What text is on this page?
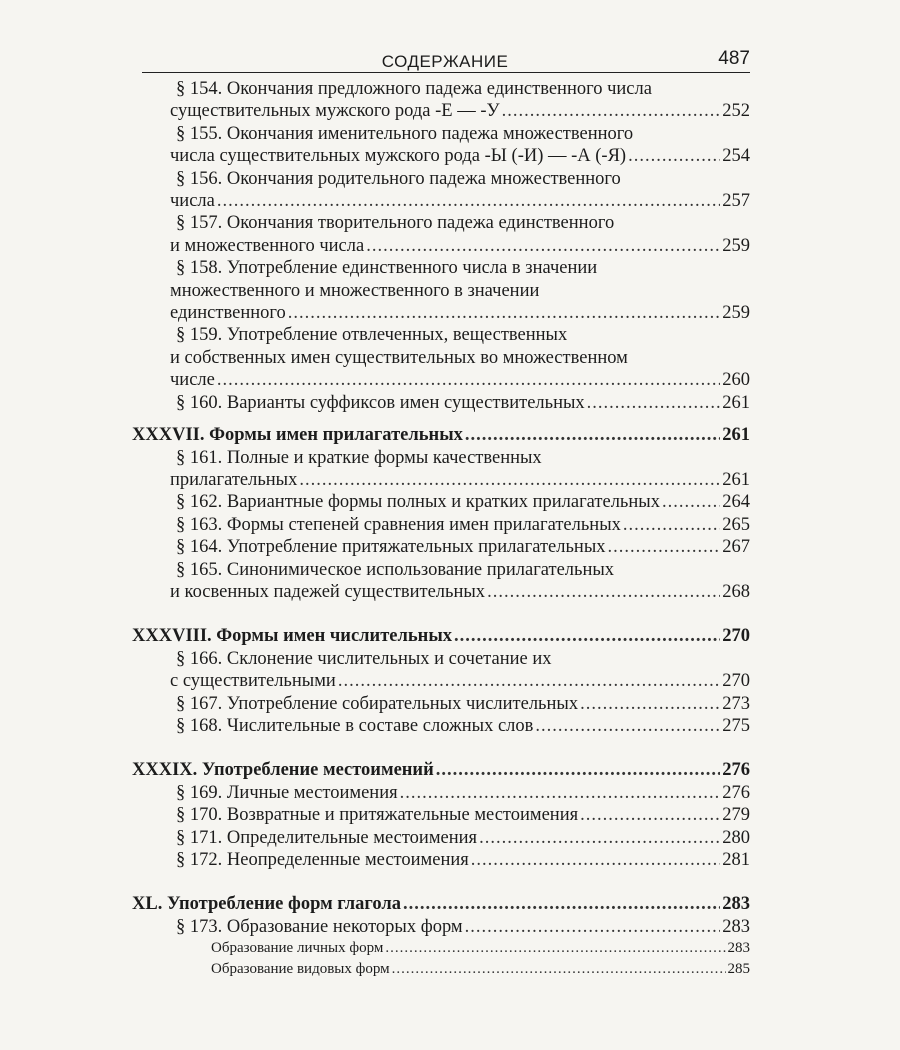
СОДЕРЖАНИЕ	487
§ 154. Окончания предложного падежа единственного числа
существительных мужского рода -Е — -У .....	252
§ 155. Окончания именительного падежа множественного
числа существительных мужского рода -Ы (-И) — -А (-Я) .....	254
§ 156. Окончания родительного падежа множественного
числа .....	257
§ 157. Окончания творительного падежа единственного
и множественного числа .....	259
§ 158. Употребление единственного числа в значении
множественного и множественного в значении
единственного .....	259
§ 159. Употребление отвлеченных, вещественных
и собственных имен существительных во множественном
числе .....	260
§ 160. Варианты суффиксов имен существительных .....	261
XXXVII. Формы имен прилагательных .....	261
§ 161. Полные и краткие формы качественных
прилагательных .....	261
§ 162. Вариантные формы полных и кратких прилагательных .....	264
§ 163. Формы степеней сравнения имен прилагательных .....	265
§ 164. Употребление притяжательных прилагательных .....	267
§ 165. Синонимическое использование прилагательных
и косвенных падежей существительных .....	268
XXXVIII. Формы имен числительных .....	270
§ 166. Склонение числительных и сочетание их
с существительными .....	270
§ 167. Употребление собирательных числительных .....	273
§ 168. Числительные в составе сложных слов .....	275
XXXIX. Употребление местоимений .....	276
§ 169. Личные местоимения .....	276
§ 170. Возвратные и притяжательные местоимения .....	279
§ 171. Определительные местоимения .....	280
§ 172. Неопределенные местоимения .....	281
XL. Употребление форм глагола .....	283
§ 173. Образование некоторых форм .....	283
Образование личных форм .....	283
Образование видовых форм .....	285
